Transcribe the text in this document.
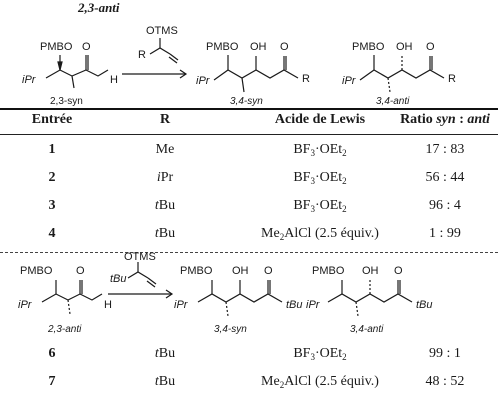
2,3-anti
PMBO O
iPr	H
2,3-syn
OTMS
R
PMBO OH O
iPr	R
3,4-syn
PMBO OH O
iPr	R
3,4-anti
Entrée	R	Acide de Lewis	Ratio syn : anti
1	Me	$BF_3\cdot OEt_2$	17 : 83
2	iPr	$BF_3\cdot OEt_2$	56 : 44
3	tBu	$BF_3\cdot OEt_2$	96 : 4
4	tBu	$Me_2AlCl$ (2.5 équiv.)	1 : 99
PMBO O
iPr	H
2,3-anti
OTMS
tBu
PMBO OH O
iPr	tBu
3,4-syn
PMBO OH O
iPr	tBu
3,4-anti
6	tBu	$BF_3\cdot OEt_2$	99 : 1
7	tBu	$Me_2AlCl$ (2.5 équiv.)	48 : 52
